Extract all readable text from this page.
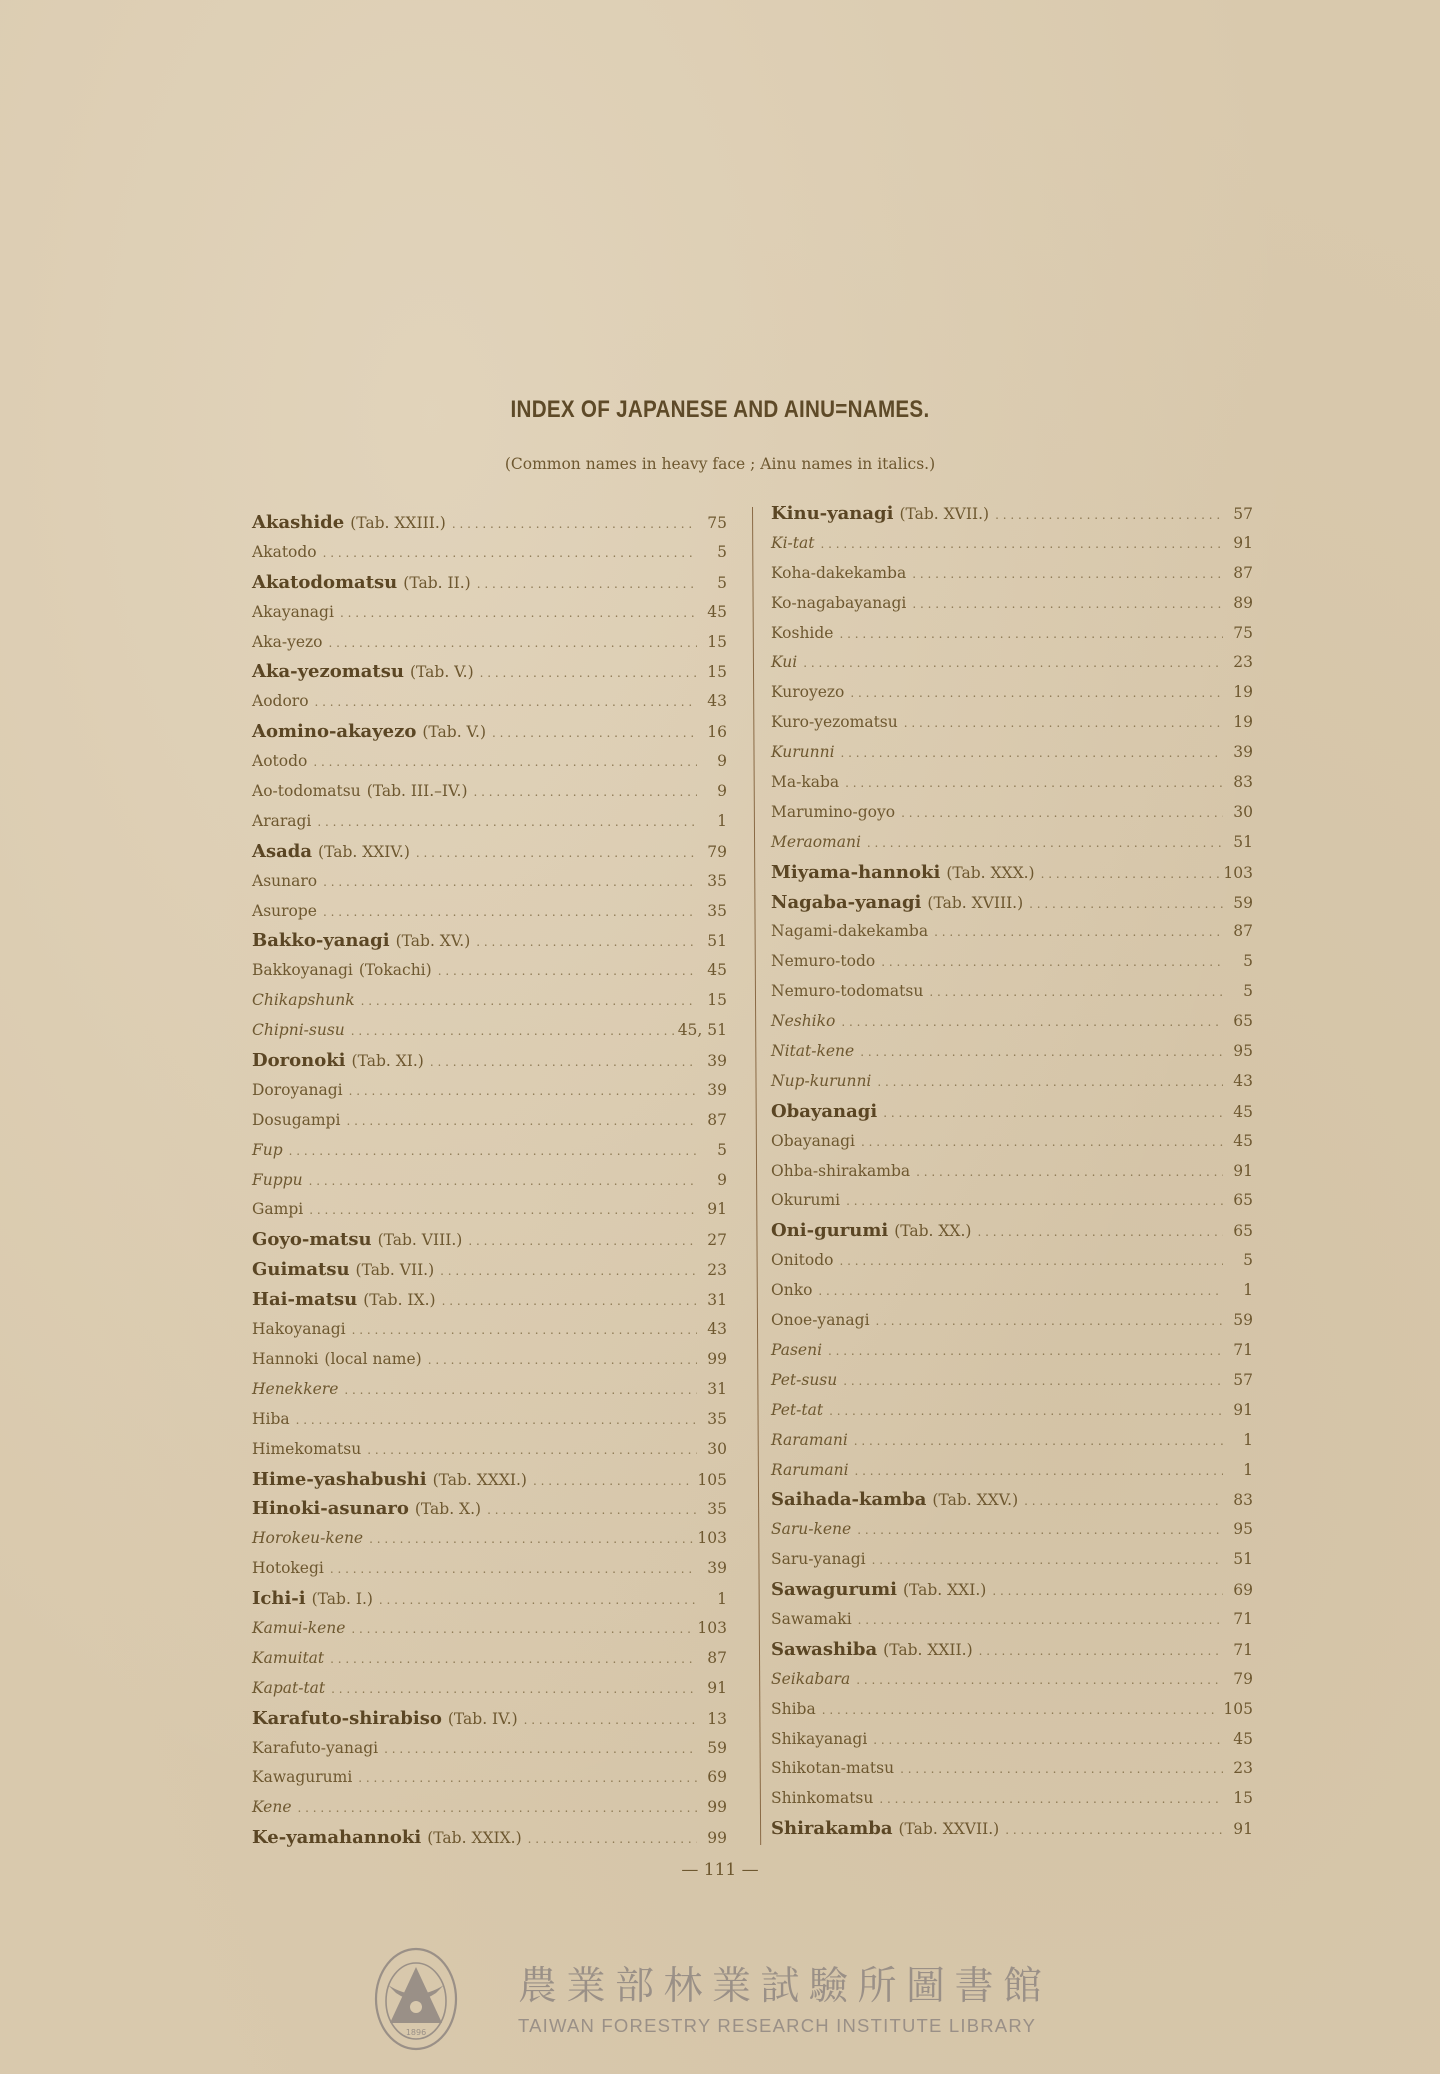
INDEX OF JAPANESE AND AINU=NAMES.
(Common names in heavy face ; Ainu names in italics.)
Akashide (Tab. XXIII.) . . .	75
Akatodo . . .	5
Akatodomatsu (Tab. II.) . . .	5
Akayanagi . . .	45
Aka-yezo . . .	15
Aka-yezomatsu (Tab. V.) . . .	15
Aodoro . . .	43
Aomino-akayezo (Tab. V.) . . .	16
Aotodo . . .	9
Ao-todomatsu (Tab. III.–IV.) . . .	9
Araragi . . .	1
Asada (Tab. XXIV.) . . .	79
Asunaro . . .	35
Asurope . . .	35
Bakko-yanagi (Tab. XV.) . . .	51
Bakkoyanagi (Tokachi) . . .	45
Chikapshunk . . .	15
Chipni-susu . . .	45, 51
Doronoki (Tab. XI.) . . .	39
Doroyanagi . . .	39
Dosugampi . . .	87
Fup . . .	5
Fuppu . . .	9
Gampi . . .	91
Goyo-matsu (Tab. VIII.) . . .	27
Guimatsu (Tab. VII.) . . .	23
Hai-matsu (Tab. IX.) . . .	31
Hakoyanagi . . .	43
Hannoki (local name) . . .	99
Henekkere . . .	31
Hiba . . .	35
Himekomatsu . . .	30
Hime-yashabushi (Tab. XXXI.) . . .	105
Hinoki-asunaro (Tab. X.) . . .	35
Horokeu-kene . . .	103
Hotokegi . . .	39
Ichi-i (Tab. I.) . . .	1
Kamui-kene . . .	103
Kamuitat . . .	87
Kapat-tat . . .	91
Karafuto-shirabiso (Tab. IV.) . . .	13
Karafuto-yanagi . . .	59
Kawagurumi . . .	69
Kene . . .	99
Ke-yamahannoki (Tab. XXIX.) . . .	99
Kinu-yanagi (Tab. XVII.) . . .	57
Ki-tat . . .	91
Koha-dakekamba . . .	87
Ko-nagabayanagi . . .	89
Koshide . . .	75
Kui . . .	23
Kuroyezo . . .	19
Kuro-yezomatsu . . .	19
Kurunni . . .	39
Ma-kaba . . .	83
Marumino-goyo . . .	30
Meraomani . . .	51
Miyama-hannoki (Tab. XXX.) . . .	103
Nagaba-yanagi (Tab. XVIII.) . . .	59
Nagami-dakekamba . . .	87
Nemuro-todo . . .	5
Nemuro-todomatsu . . .	5
Neshiko . . .	65
Nitat-kene . . .	95
Nup-kurunni . . .	43
Obayanagi . . .	45
Obayanagi . . .	45
Ohba-shirakamba . . .	91
Okurumi . . .	65
Oni-gurumi (Tab. XX.) . . .	65
Onitodo . . .	5
Onko . . .	1
Onoe-yanagi . . .	59
Paseni . . .	71
Pet-susu . . .	57
Pet-tat . . .	91
Raramani . . .	1
Rarumani . . .	1
Saihada-kamba (Tab. XXV.) . . .	83
Saru-kene . . .	95
Saru-yanagi . . .	51
Sawagurumi (Tab. XXI.) . . .	69
Sawamaki . . .	71
Sawashiba (Tab. XXII.) . . .	71
Seikabara . . .	79
Shiba . . .	105
Shikayanagi . . .	45
Shikotan-matsu . . .	23
Shinkomatsu . . .	15
Shirakamba (Tab. XXVII.) . . .	91
— 111 —
1896
農業部林業試驗所圖書館
TAIWAN FORESTRY RESEARCH INSTITUTE LIBRARY
